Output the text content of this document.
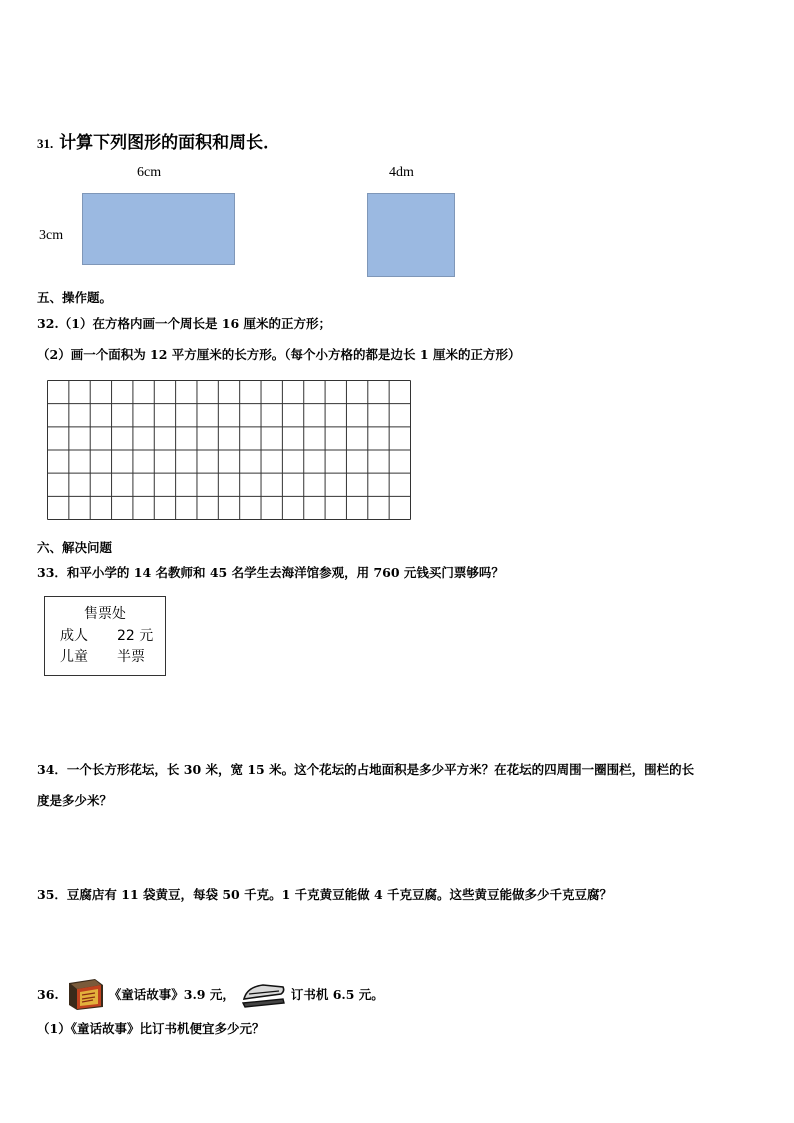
31. 计算下列图形的面积和周长．
6cm
3cm
4dm
五、操作题。
32.（1）在方格内画一个周长是 16 厘米的正方形；
（2）画一个面积为 12 平方厘米的长方形。（每个小方格的都是边长 1 厘米的正方形）
六、解决问题
33．和平小学的 14 名教师和 45 名学生去海洋馆参观，用 760 元钱买门票够吗？
售票处
成人 22 元
儿童 半票
34．一个长方形花坛，长 30 米，宽 15 米。这个花坛的占地面积是多少平方米？在花坛的四周围一圈围栏，围栏的长
度是多少米？
35．豆腐店有 11 袋黄豆，每袋 50 千克。1 千克黄豆能做 4 千克豆腐。这些黄豆能做多少千克豆腐？
36.	《童话故事》3.9 元，	订书机 6.5 元。
（1）《童话故事》比订书机便宜多少元？
